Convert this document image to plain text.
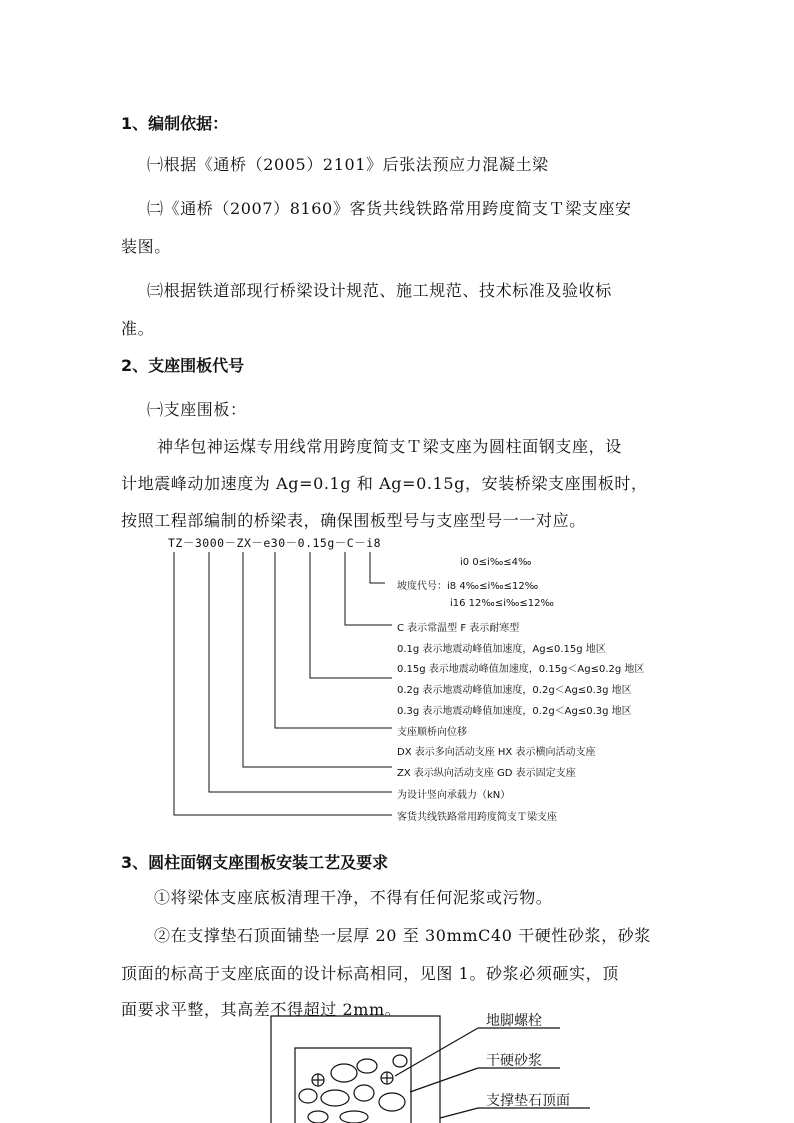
1、编制依据：
㈠根据《通桥（2005）2101》后张法预应力混凝土梁
㈡《通桥（2007）8160》客货共线铁路常用跨度简支Ｔ梁支座安
装图。
㈢根据铁道部现行桥梁设计规范、施工规范、技术标准及验收标
准。
2、支座围板代号
㈠支座围板：
神华包神运煤专用线常用跨度简支Ｔ梁支座为圆柱面钢支座，设
计地震峰动加速度为 Ag=0.1g 和 Ag=0.15g，安装桥梁支座围板时，
按照工程部编制的桥梁表，确保围板型号与支座型号一一对应。
TZ－3000－ZX－e30－0.15g－C－i8
i0 0≤i‰≤4‰
坡度代号：i8 4‰≤i‰≤12‰
i16 12‰≤i‰≤12‰
C 表示常温型 F 表示耐寒型
0.1g 表示地震动峰值加速度，Ag≤0.15g 地区
0.15g 表示地震动峰值加速度，0.15g＜Ag≤0.2g 地区
0.2g 表示地震动峰值加速度，0.2g＜Ag≤0.3g 地区
0.3g 表示地震动峰值加速度，0.2g＜Ag≤0.3g 地区
支座顺桥向位移
DX 表示多向活动支座 HX 表示横向活动支座
ZX 表示纵向活动支座 GD 表示固定支座
为设计竖向承载力（kN）
客货共线铁路常用跨度简支Ｔ梁支座
3、圆柱面钢支座围板安装工艺及要求
①将梁体支座底板清理干净，不得有任何泥浆或污物。
②在支撑垫石顶面铺垫一层厚 20 至 30mmC40 干硬性砂浆，砂浆
顶面的标高于支座底面的设计标高相同，见图 1。砂浆必须砸实，顶
面要求平整，其高差不得超过 2mm。
地脚螺栓
干硬砂浆
支撑垫石顶面
